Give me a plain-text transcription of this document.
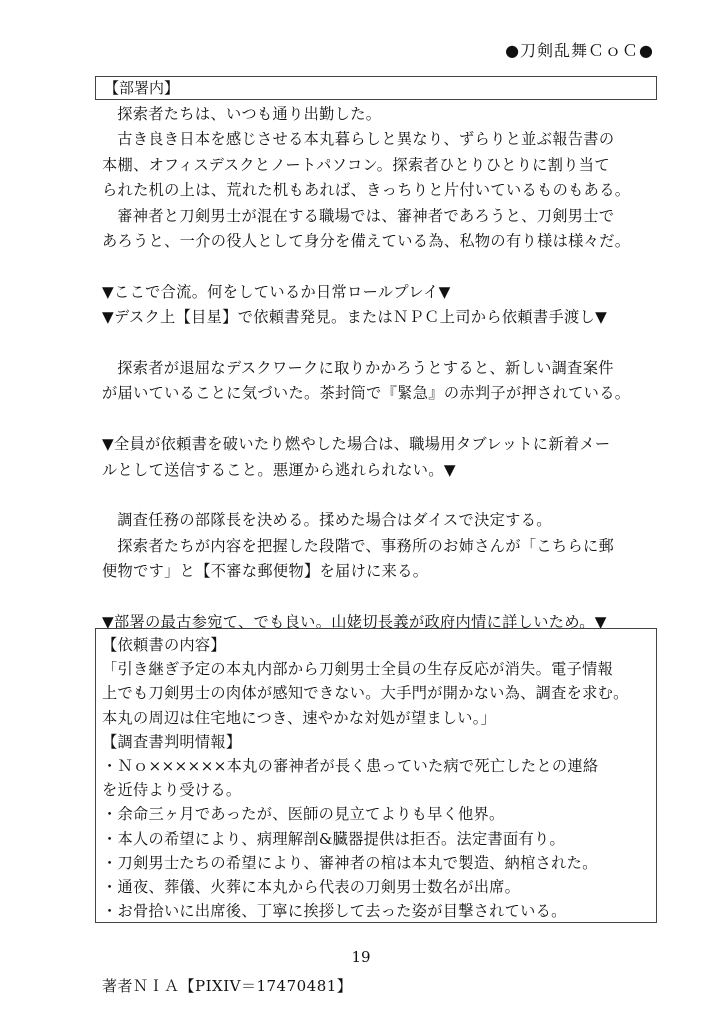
●刀剣乱舞ＣｏＣ●
【部署内】

探索者たちは、いつも通り出勤した。

古き良き日本を感じさせる本丸暮らしと異なり、ずらりと並ぶ報告書の

本棚、オフィスデスクとノートパソコン。探索者ひとりひとりに割り当て

られた机の上は、荒れた机もあれば、きっちりと片付いているものもある。

審神者と刀剣男士が混在する職場では、審神者であろうと、刀剣男士で

あろうと、一介の役人として身分を備えている為、私物の有り様は様々だ。

▼ここで合流。何をしているか日常ロールプレイ▼

▼デスク上【目星】で依頼書発見。またはＮＰＣ上司から依頼書手渡し▼

探索者が退屈なデスクワークに取りかかろうとすると、新しい調査案件

が届いていることに気づいた。茶封筒で『緊急』の赤判子が押されている。

▼全員が依頼書を破いたり燃やした場合は、職場用タブレットに新着メー

ルとして送信すること。悪運から逃れられない。▼

調査任務の部隊長を決める。揉めた場合はダイスで決定する。

探索者たちが内容を把握した段階で、事務所のお姉さんが「こちらに郵

便物です」と【不審な郵便物】を届けに来る。

▼部署の最古参宛て、でも良い。山姥切長義が政府内情に詳しいため。▼

【依頼書の内容】

「引き継ぎ予定の本丸内部から刀剣男士全員の生存反応が消失。電子情報

上でも刀剣男士の肉体が感知できない。大手門が開かない為、調査を求む。

本丸の周辺は住宅地につき、速やかな対処が望ましい。」

【調査書判明情報】

・Ｎｏ××××××本丸の審神者が長く患っていた病で死亡したとの連絡

を近侍より受ける。

・余命三ヶ月であったが、医師の見立てよりも早く他界。

・本人の希望により、病理解剖&臓器提供は拒否。法定書面有り。

・刀剣男士たちの希望により、審神者の棺は本丸で製造、納棺された。

・通夜、葬儀、火葬に本丸から代表の刀剣男士数名が出席。

・お骨拾いに出席後、丁寧に挨拶して去った姿が目撃されている。

19
著者ＮＩＡ【PIXIV＝17470481】
